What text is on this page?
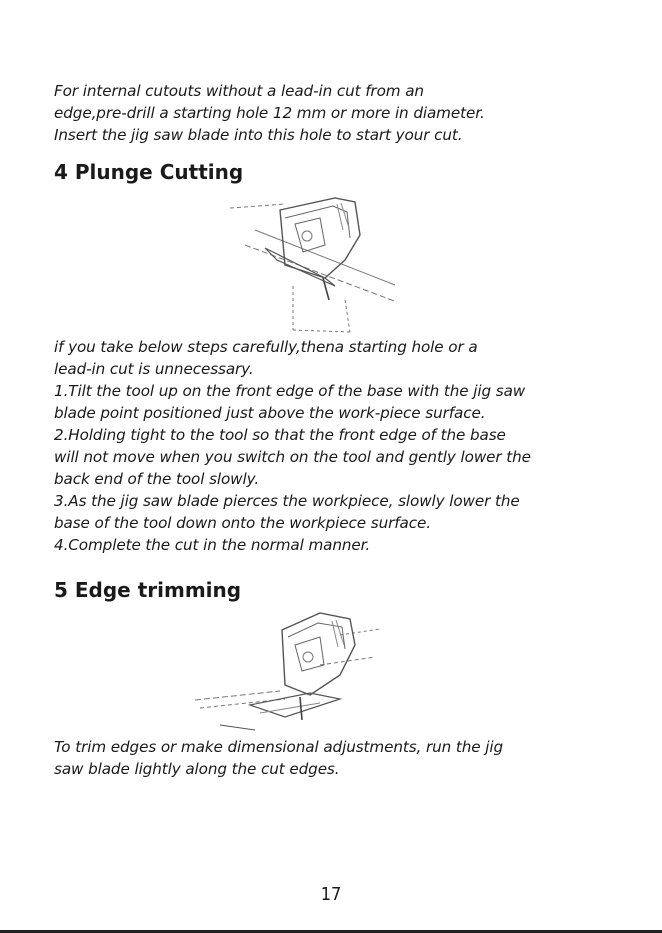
For internal cutouts without a lead-in cut from an
edge,pre-drill a starting hole 12 mm or more in diameter.
Insert the jig saw blade into this hole to start your cut.

4 Plunge Cutting

if you take below steps carefully,thena starting hole or a
lead-in cut is unnecessary.
1.Tilt the tool up on the front edge of the base with the jig saw
blade point positioned just above the work-piece surface.
2.Holding tight to the tool so that the front edge of the base
will not move when you switch on the tool and gently lower the
back end of the tool slowly.
3.As the jig saw blade pierces the workpiece, slowly lower the
base of the tool down onto the workpiece surface.
4.Complete the cut in the normal manner.

5 Edge trimming

To trim edges or make dimensional adjustments, run the jig
saw blade lightly along the cut edges.

17
